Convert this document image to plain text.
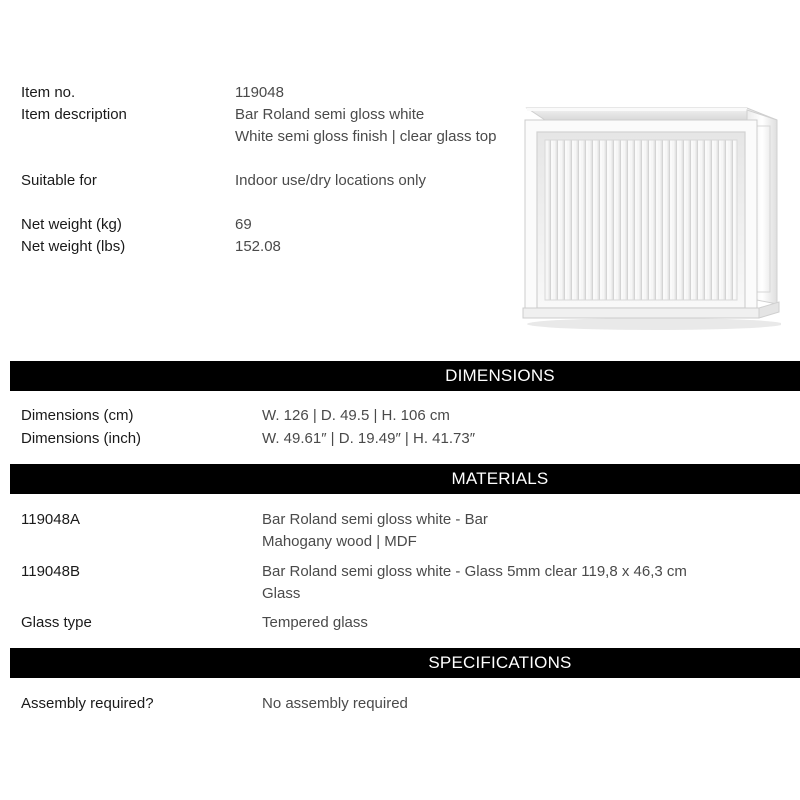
Item no.	119048
Item description	Bar Roland semi gloss white
White semi gloss finish | clear glass top
Suitable for	Indoor use/dry locations only
Net weight (kg)	69
Net weight (lbs)	152.08
DIMENSIONS
Dimensions (cm)	W. 126 | D. 49.5 | H. 106 cm
Dimensions (inch)	W. 49.61″ | D. 19.49″ | H. 41.73″
MATERIALS
119048A	Bar Roland semi gloss white - Bar
Mahogany wood | MDF
119048B	Bar Roland semi gloss white - Glass 5mm clear 119,8 x 46,3 cm
Glass
Glass type	Tempered glass
SPECIFICATIONS
Assembly required?	No assembly required
